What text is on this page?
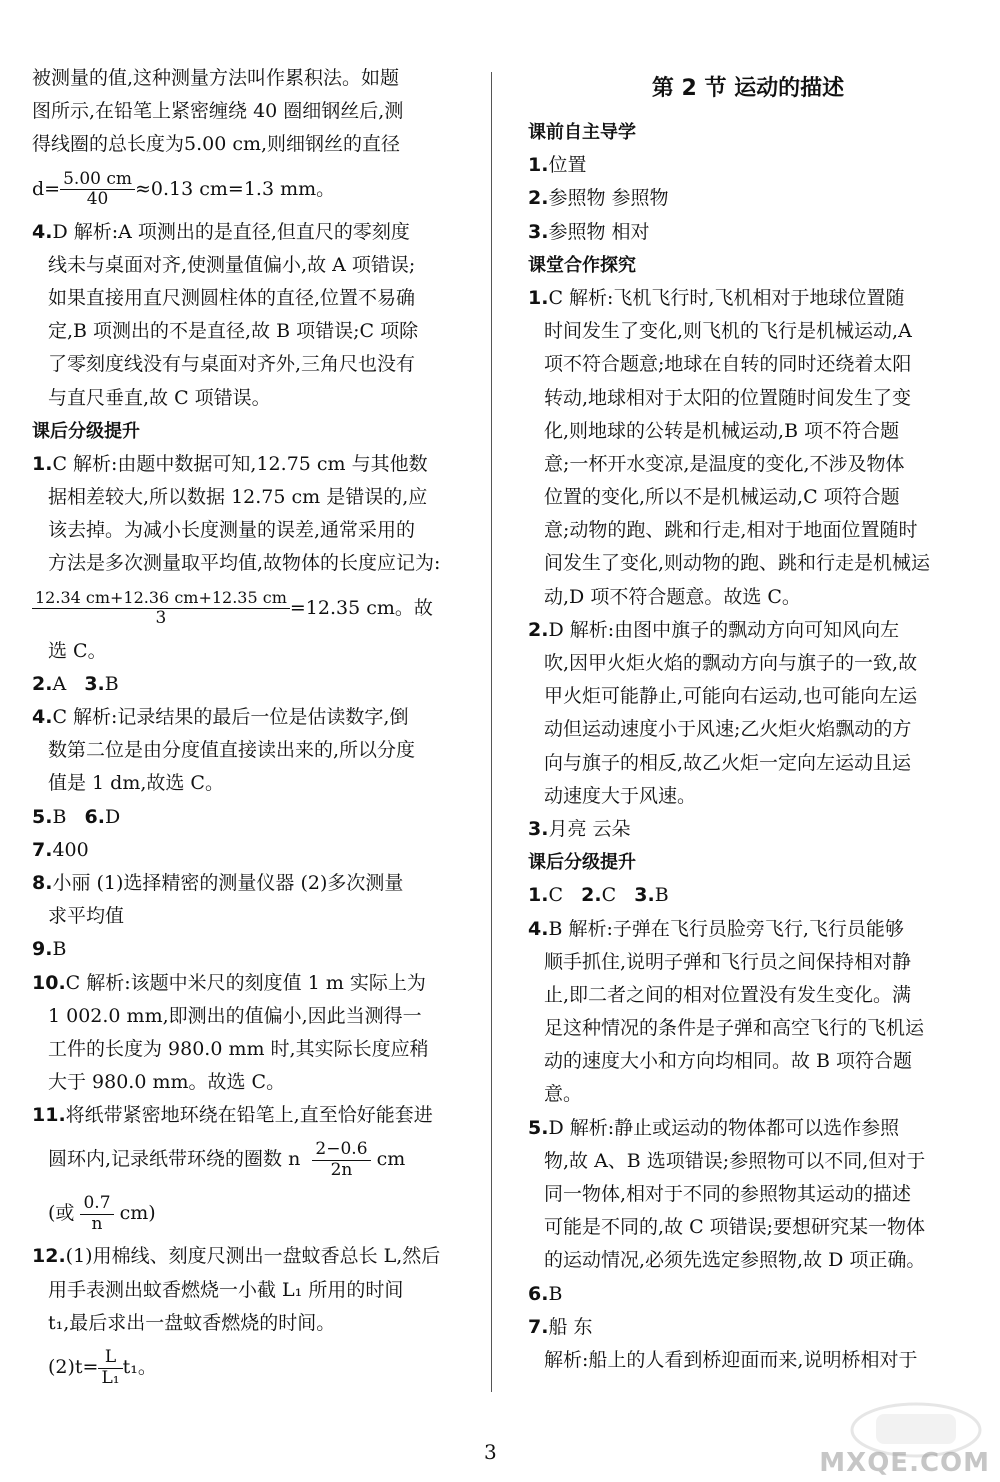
被测量的值,这种测量方法叫作累积法。如题
图所示,在铅笔上紧密缠绕 40 圈细钢丝后,测
得线圈的总长度为5.00 cm,则细钢丝的直径
$d= \frac{5.00 cm}{40} \approx 0.13$ cm=1.3 mm。
4.D 解析:A 项测出的是直径,但直尺的零刻度
线未与桌面对齐,使测量值偏小,故 A 项错误;
如果直接用直尺测圆柱体的直径,位置不易确
定,B 项测出的不是直径,故 B 项错误;C 项除
了零刻度线没有与桌面对齐外,三角尺也没有
与直尺垂直,故 C 项错误。
课后分级提升
1.C 解析:由题中数据可知,12.75 cm 与其他数
据相差较大,所以数据 12.75 cm 是错误的,应
该去掉。为减小长度测量的误差,通常采用的
方法是多次测量取平均值,故物体的长度应记为:
$\frac{12.34 cm+12.36 cm+12.35 cm}{3} =12.35$ cm。故
选 C。
2.A 3.B
4.C 解析:记录结果的最后一位是估读数字,倒
数第二位是由分度值直接读出来的,所以分度
值是 1 dm,故选 C。
5.B 6.D
7.400
8.小丽 (1)选择精密的测量仪器 (2)多次测量
求平均值
9.B
10.C 解析:该题中米尺的刻度值 1 m 实际上为
1 002.0 mm,即测出的值偏小,因此当测得一
工件的长度为 980.0 mm 时,其实际长度应稍
大于 980.0 mm。故选 C。
11.将纸带紧密地环绕在铅笔上,直至恰好能套进
圆环内,记录纸带环绕的圈数 n $\frac{2-0.6}{2n}$ cm
(或 $\frac{0.7}{n} cm$)
12.(1)用棉线、刻度尺测出一盘蚊香总长 L,然后
用手表测出蚊香燃烧一小截 L₁ 所用的时间
t₁,最后求出一盘蚊香燃烧的时间。
$(2)t= \frac{L}{\text{L₁}} t_1$。
第 2 节 运动的描述
课前自主导学
1.位置
2.参照物 参照物
3.参照物 相对
课堂合作探究
1.C 解析:飞机飞行时,飞机相对于地球位置随
时间发生了变化,则飞机的飞行是机械运动,A
项不符合题意;地球在自转的同时还绕着太阳
转动,地球相对于太阳的位置随时间发生了变
化,则地球的公转是机械运动,B 项不符合题
意;一杯开水变凉,是温度的变化,不涉及物体
位置的变化,所以不是机械运动,C 项符合题
意;动物的跑、跳和行走,相对于地面位置随时
间发生了变化,则动物的跑、跳和行走是机械运
动,D 项不符合题意。故选 C。
2.D 解析:由图中旗子的飘动方向可知风向左
吹,因甲火炬火焰的飘动方向与旗子的一致,故
甲火炬可能静止,可能向右运动,也可能向左运
动但运动速度小于风速;乙火炬火焰飘动的方
向与旗子的相反,故乙火炬一定向左运动且运
动速度大于风速。
3.月亮 云朵
课后分级提升
1.C 2.C 3.B
4.B 解析:子弹在飞行员脸旁飞行,飞行员能够
顺手抓住,说明子弹和飞行员之间保持相对静
止,即二者之间的相对位置没有发生变化。满
足这种情况的条件是子弹和高空飞行的飞机运
动的速度大小和方向均相同。故 B 项符合题
意。
5.D 解析:静止或运动的物体都可以选作参照
物,故 A、B 选项错误;参照物可以不同,但对于
同一物体,相对于不同的参照物其运动的描述
可能是不同的,故 C 项错误;要想研究某一物体
的运动情况,必须先选定参照物,故 D 项正确。
6.B
7.船 东
解析:船上的人看到桥迎面而来,说明桥相对于
3	MXQE.COM
